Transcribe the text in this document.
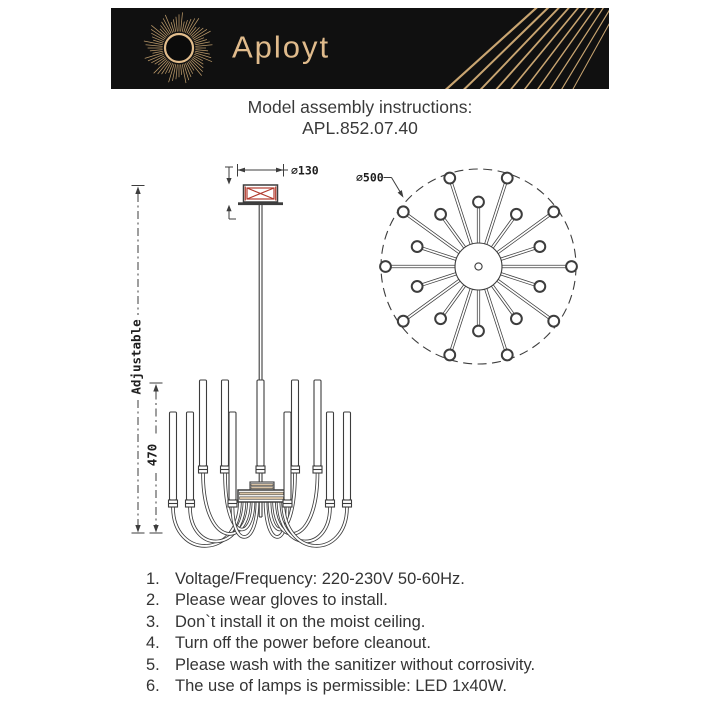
Aployt
Model assembly instructions:
APL.852.07.40
⌀130
Adjustable
470
⌀500
1. Voltage/Frequency: 220-230V 50-60Hz.
2. Please wear gloves to install.
3. Don`t install it on the moist ceiling.
4. Turn off the power before cleanout.
5. Please wash with the sanitizer without corrosivity.
6. The use of lamps is permissible: LED 1x40W.
